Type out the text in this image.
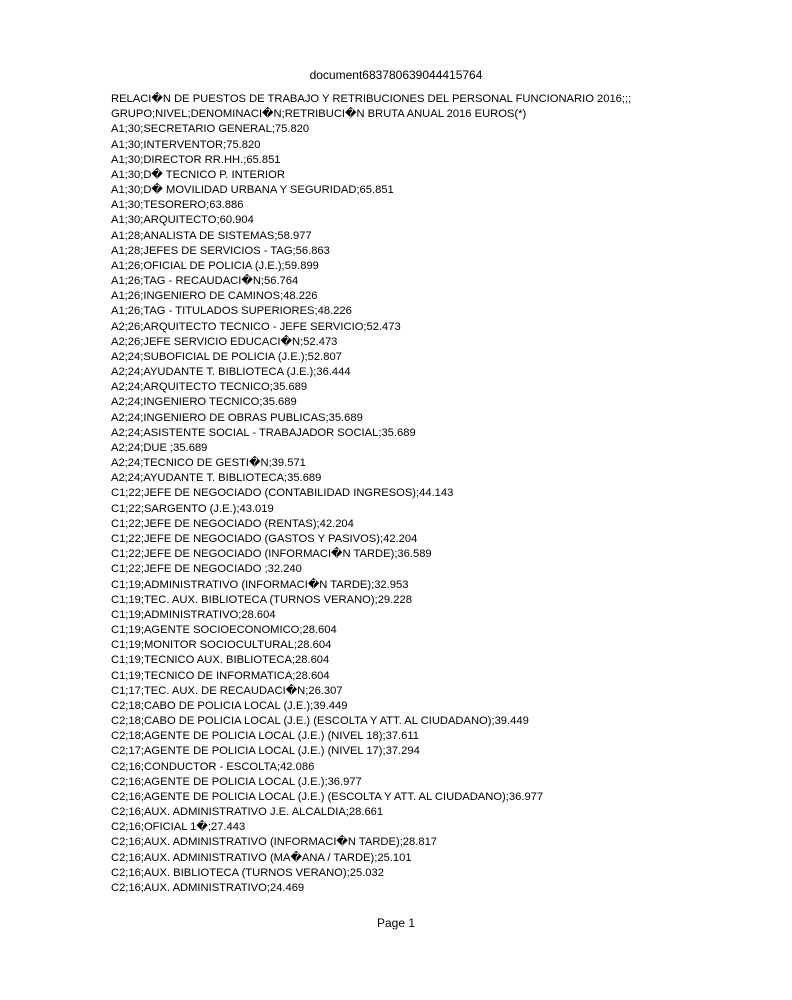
document683780639044415764
RELACI�N DE PUESTOS DE TRABAJO Y RETRIBUCIONES DEL PERSONAL FUNCIONARIO 2016;;;
GRUPO;NIVEL;DENOMINACI�N;RETRIBUCI�N BRUTA ANUAL 2016 EUROS(*)
A1;30;SECRETARIO GENERAL;75.820
A1;30;INTERVENTOR;75.820
A1;30;DIRECTOR RR.HH.;65.851
A1;30;D� TECNICO P. INTERIOR
A1;30;D� MOVILIDAD URBANA Y SEGURIDAD;65.851
A1;30;TESORERO;63.886
A1;30;ARQUITECTO;60.904
A1;28;ANALISTA DE SISTEMAS;58.977
A1;28;JEFES DE SERVICIOS - TAG;56.863
A1;26;OFICIAL DE POLICIA (J.E.);59.899
A1;26;TAG - RECAUDACI�N;56.764
A1;26;INGENIERO DE CAMINOS;48.226
A1;26;TAG - TITULADOS SUPERIORES;48.226
A2;26;ARQUITECTO TECNICO - JEFE SERVICIO;52.473
A2;26;JEFE SERVICIO EDUCACI�N;52.473
A2;24;SUBOFICIAL DE POLICIA (J.E.);52.807
A2;24;AYUDANTE T. BIBLIOTECA (J.E.);36.444
A2;24;ARQUITECTO TECNICO;35.689
A2;24;INGENIERO TECNICO;35.689
A2;24;INGENIERO DE OBRAS PUBLICAS;35.689
A2;24;ASISTENTE SOCIAL - TRABAJADOR SOCIAL;35.689
A2;24;DUE ;35.689
A2;24;TECNICO DE GESTI�N;39.571
A2;24;AYUDANTE T. BIBLIOTECA;35.689
C1;22;JEFE DE NEGOCIADO (CONTABILIDAD INGRESOS);44.143
C1;22;SARGENTO (J.E.);43.019
C1;22;JEFE DE NEGOCIADO (RENTAS);42.204
C1;22;JEFE DE NEGOCIADO (GASTOS Y PASIVOS);42.204
C1;22;JEFE DE NEGOCIADO (INFORMACI�N TARDE);36.589
C1;22;JEFE DE NEGOCIADO ;32.240
C1;19;ADMINISTRATIVO (INFORMACI�N TARDE);32.953
C1;19;TEC. AUX. BIBLIOTECA (TURNOS VERANO);29.228
C1;19;ADMINISTRATIVO;28.604
C1;19;AGENTE SOCIOECONOMICO;28.604
C1;19;MONITOR SOCIOCULTURAL;28.604
C1;19;TECNICO AUX. BIBLIOTECA;28.604
C1;19;TECNICO DE INFORMATICA;28.604
C1;17;TEC. AUX. DE RECAUDACI�N;26.307
C2;18;CABO DE POLICIA LOCAL (J.E.);39.449
C2;18;CABO DE POLICIA LOCAL (J.E.) (ESCOLTA Y ATT. AL CIUDADANO);39.449
C2;18;AGENTE DE POLICIA LOCAL (J.E.) (NIVEL 18);37.611
C2;17;AGENTE DE POLICIA LOCAL (J.E.) (NIVEL 17);37.294
C2;16;CONDUCTOR - ESCOLTA;42.086
C2;16;AGENTE DE POLICIA LOCAL (J.E.);36.977
C2;16;AGENTE DE POLICIA LOCAL (J.E.) (ESCOLTA Y ATT. AL CIUDADANO);36.977
C2;16;AUX. ADMINISTRATIVO J.E. ALCALDIA;28.661
C2;16;OFICIAL 1�;27.443
C2;16;AUX. ADMINISTRATIVO (INFORMACI�N TARDE);28.817
C2;16;AUX. ADMINISTRATIVO (MA�ANA / TARDE);25.101
C2;16;AUX. BIBLIOTECA (TURNOS VERANO);25.032
C2;16;AUX. ADMINISTRATIVO;24.469
Page 1
